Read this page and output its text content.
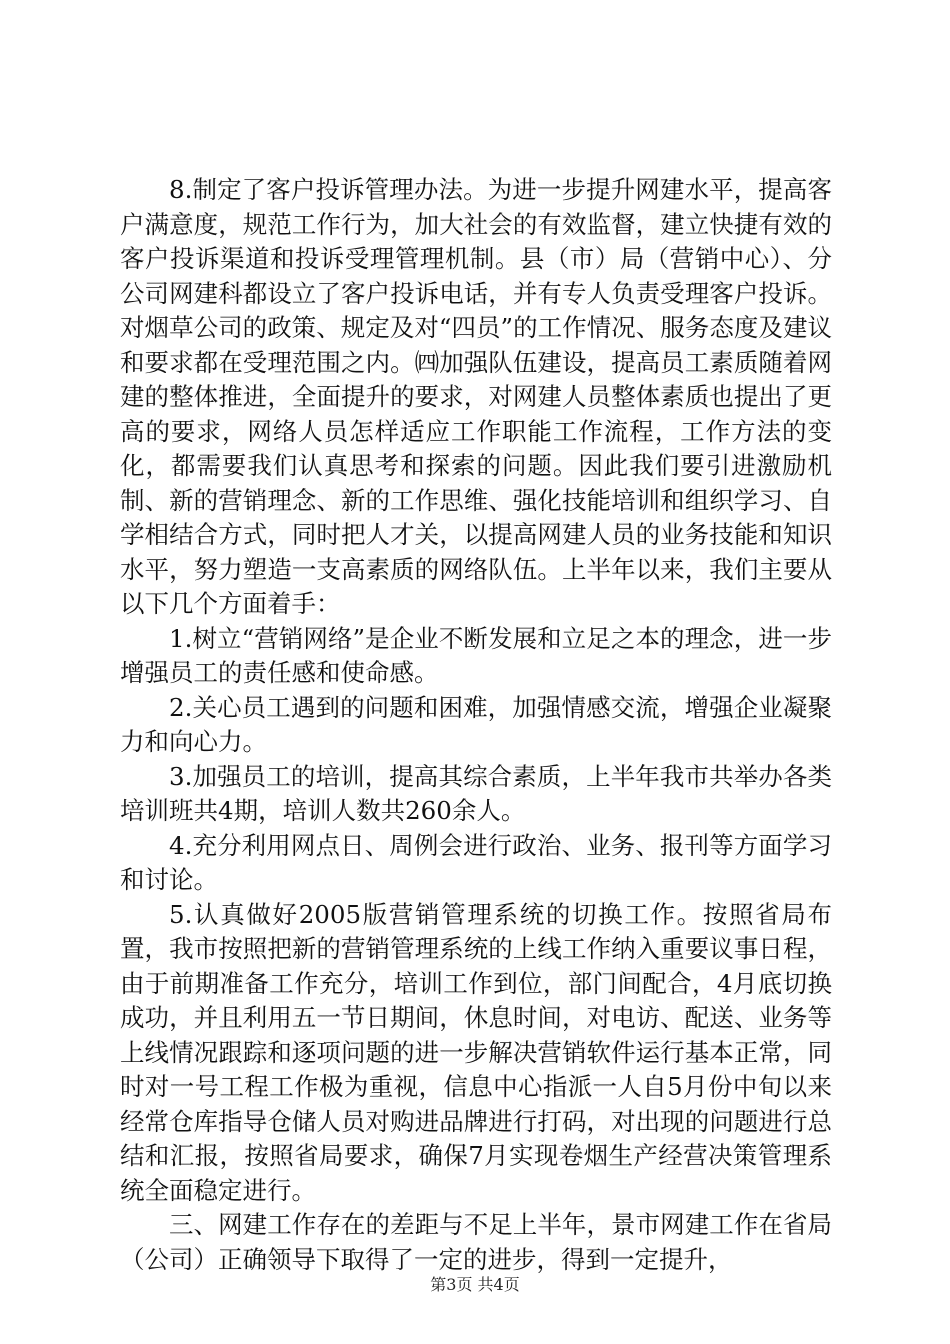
8.制定了客户投诉管理办法。为进一步提升网建水平，提高客户满意度，规范工作行为，加大社会的有效监督，建立快捷有效的客户投诉渠道和投诉受理管理机制。县（市）局（营销中心）、分公司网建科都设立了客户投诉电话，并有专人负责受理客户投诉。对烟草公司的政策、规定及对“四员”的工作情况、服务态度及建议和要求都在受理范围之内。㈣加强队伍建设，提高员工素质随着网建的整体推进，全面提升的要求，对网建人员整体素质也提出了更高的要求，网络人员怎样适应工作职能工作流程，工作方法的变化，都需要我们认真思考和探索的问题。因此我们要引进激励机制、新的营销理念、新的工作思维、强化技能培训和组织学习、自学相结合方式，同时把人才关，以提高网建人员的业务技能和知识水平，努力塑造一支高素质的网络队伍。上半年以来，我们主要从以下几个方面着手：

1.树立“营销网络”是企业不断发展和立足之本的理念，进一步增强员工的责任感和使命感。

2.关心员工遇到的问题和困难，加强情感交流，增强企业凝聚力和向心力。

3.加强员工的培训，提高其综合素质，上半年我市共举办各类培训班共4期，培训人数共260余人。

4.充分利用网点日、周例会进行政治、业务、报刊等方面学习和讨论。

5.认真做好2005版营销管理系统的切换工作。按照省局布置，我市按照把新的营销管理系统的上线工作纳入重要议事日程，由于前期准备工作充分，培训工作到位，部门间配合，4月底切换成功，并且利用五一节日期间，休息时间，对电访、配送、业务等上线情况跟踪和逐项问题的进一步解决营销软件运行基本正常，同时对一号工程工作极为重视，信息中心指派一人自5月份中旬以来经常仓库指导仓储人员对购进品牌进行打码，对出现的问题进行总结和汇报，按照省局要求，确保7月实现卷烟生产经营决策管理系统全面稳定进行。

三、网建工作存在的差距与不足上半年，景市网建工作在省局（公司）正确领导下取得了一定的进步，得到一定提升，

第3页 共4页
